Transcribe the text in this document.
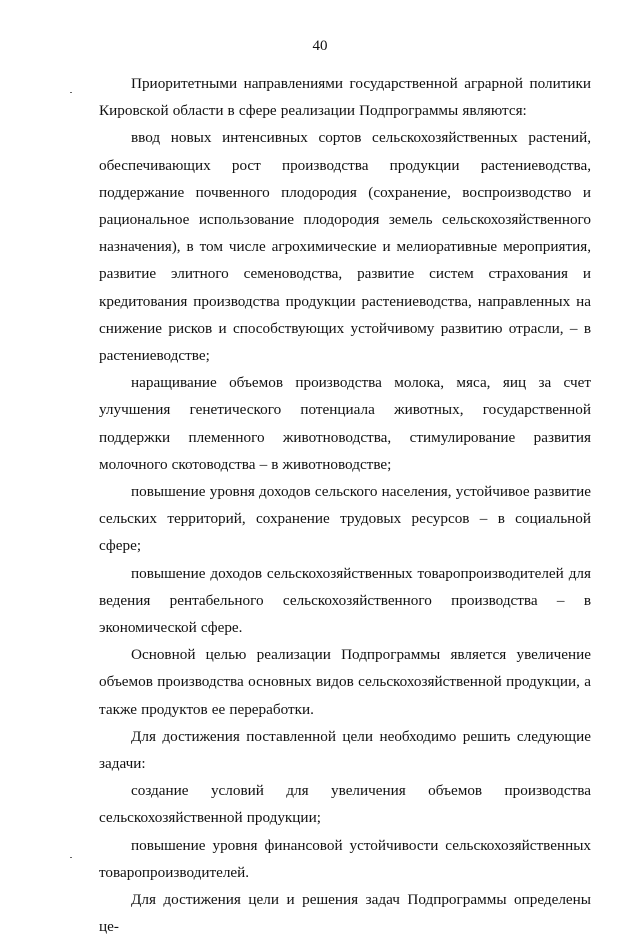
40

Приоритетными направлениями государственной аграрной политики Кировской области в сфере реализации Подпрограммы являются:

ввод новых интенсивных сортов сельскохозяйственных растений, обеспечивающих рост производства продукции растениеводства, поддержание почвенного плодородия (сохранение, воспроизводство и рациональное использование плодородия земель сельскохозяйственного назначения), в том числе агрохимические и мелиоративные мероприятия, развитие элитного семеноводства, развитие систем страхования и кредитования производства продукции растениеводства, направленных на снижение рисков и способствующих устойчивому развитию отрасли, – в растениеводстве;

наращивание объемов производства молока, мяса, яиц за счет улучшения генетического потенциала животных, государственной поддержки племенного животноводства, стимулирование развития молочного скотоводства – в животноводстве;

повышение уровня доходов сельского населения, устойчивое развитие сельских территорий, сохранение трудовых ресурсов – в социальной сфере;

повышение доходов сельскохозяйственных товаропроизводителей для ведения рентабельного сельскохозяйственного производства – в экономической сфере.

Основной целью реализации Подпрограммы является увеличение объемов производства основных видов сельскохозяйственной продукции, а также продуктов ее переработки.

Для достижения поставленной цели необходимо решить следующие задачи:

создание условий для увеличения объемов производства сельскохозяйственной продукции;

повышение уровня финансовой устойчивости сельскохозяйственных товаропроизводителей.

Для достижения цели и решения задач Подпрограммы определены це-
